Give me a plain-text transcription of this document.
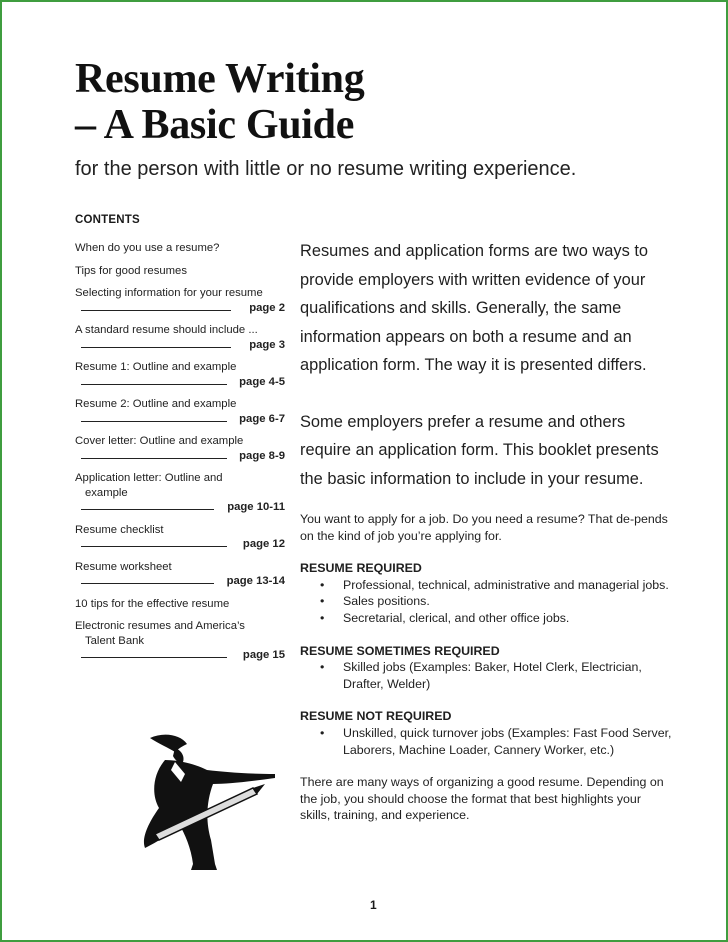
Resume Writing
– A Basic Guide

for the person with little or no resume writing experience.

CONTENTS
When do you use a resume?
Tips for good resumes
Selecting information for your resume
page 2
A standard resume should include ...
page 3
Resume 1: Outline and example
page 4-5
Resume 2: Outline and example
page 6-7
Cover letter: Outline and example
page 8-9
Application letter: Outline and
example
page 10-11
Resume checklist
page 12
Resume worksheet
page 13-14
10 tips for the effective resume
Electronic resumes and America’s
Talent Bank
page 15

Resumes and application forms are two ways to provide employers with written evidence of your qualifications and skills. Generally, the same information appears on both a resume and an application form. The way it is presented differs.

Some employers prefer a resume and others require an application form. This booklet presents the basic information to include in your resume.

You want to apply for a job. Do you need a resume? That de-pends on the kind of job you’re applying for.

RESUME REQUIRED
• Professional, technical, administrative and managerial jobs.
• Sales positions.
• Secretarial, clerical, and other office jobs.
RESUME SOMETIMES REQUIRED
• Skilled jobs (Examples: Baker, Hotel Clerk, Electrician, Drafter, Welder)
RESUME NOT REQUIRED
• Unskilled, quick turnover jobs (Examples: Fast Food Server, Laborers, Machine Loader, Cannery Worker, etc.)

There are many ways of organizing a good resume. Depending on the job, you should choose the format that best highlights your skills, training, and experience.

1
